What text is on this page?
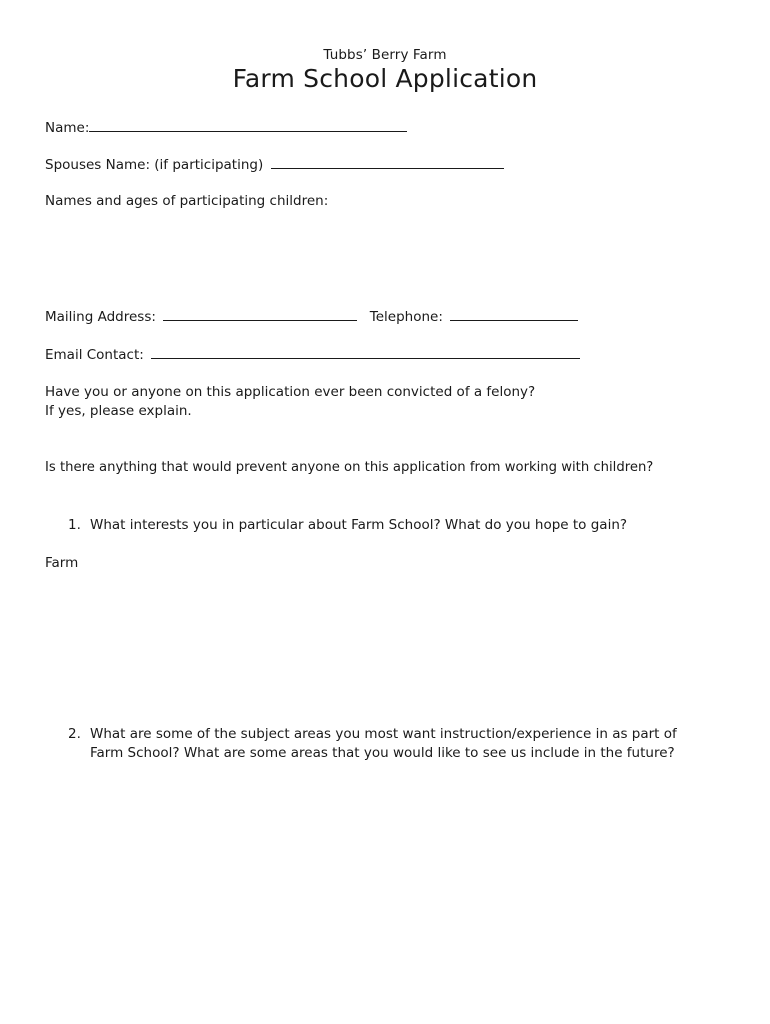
Tubbs’ Berry Farm
Farm School Application
Name:
Spouses Name: (if participating)
Names and ages of participating children:
Mailing Address:	Telephone:
Email Contact:
Have you or anyone on this application ever been convicted of a felony?
If yes, please explain.
Is there anything that would prevent anyone on this application from working with children?
1. What interests you in particular about Farm School? What do you hope to gain?
Farm
2. What are some of the subject areas you most want instruction/experience in as part of
Farm School? What are some areas that you would like to see us include in the future?
